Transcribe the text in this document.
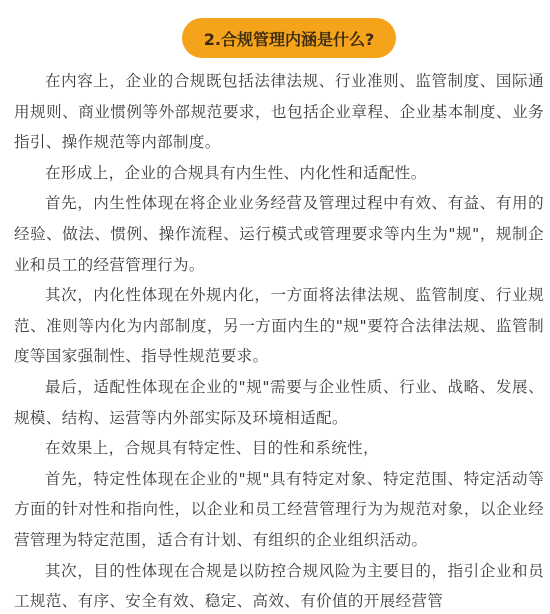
2.合规管理内涵是什么?

在内容上，企业的合规既包括法律法规、行业准则、监管制度、国际通用规则、商业惯例等外部规范要求，也包括企业章程、企业基本制度、业务指引、操作规范等内部制度。

在形成上，企业的合规具有内生性、内化性和适配性。

首先，内生性体现在将企业业务经营及管理过程中有效、有益、有用的经验、做法、惯例、操作流程、运行模式或管理要求等内生为"规"，规制企业和员工的经营管理行为。

其次，内化性体现在外规内化，一方面将法律法规、监管制度、行业规范、准则等内化为内部制度，另一方面内生的"规"要符合法律法规、监管制度等国家强制性、指导性规范要求。

最后，适配性体现在企业的"规"需要与企业性质、行业、战略、发展、规模、结构、运营等内外部实际及环境相适配。

在效果上，合规具有特定性、目的性和系统性，

首先，特定性体现在企业的"规"具有特定对象、特定范围、特定活动等方面的针对性和指向性，以企业和员工经营管理行为为规范对象，以企业经营管理为特定范围，适合有计划、有组织的企业组织活动。

其次，目的性体现在合规是以防控合规风险为主要目的，指引企业和员工规范、有序、安全有效、稳定、高效、有价值的开展经营管
